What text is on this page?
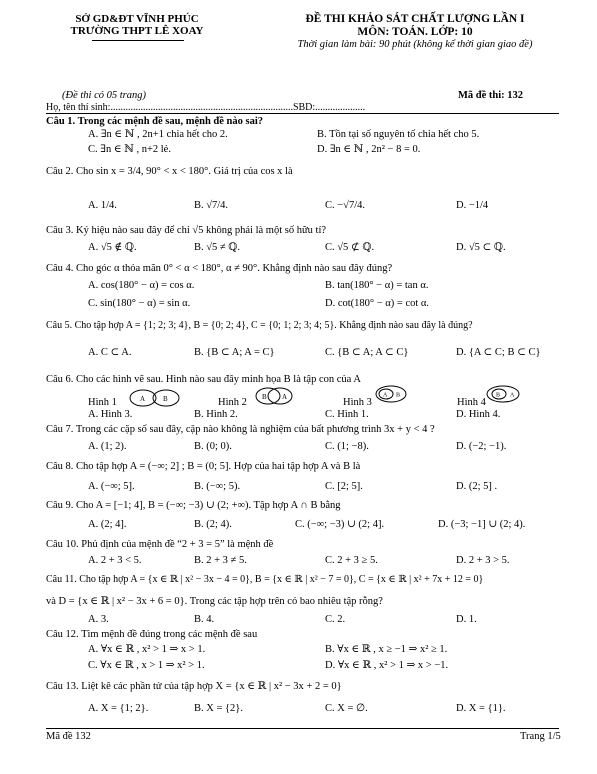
SỞ GD&ĐT VĨNH PHÚC
TRƯỜNG THPT LÊ XOAY
ĐỀ THI KHẢO SÁT CHẤT LƯỢNG LẦN I
MÔN: TOÁN. LỚP: 10
Thời gian làm bài: 90 phút (không kể thời gian giao đề)
(Đề thi có 05 trang)	Mã đề thi: 132
Họ, tên thí sinh:.........................................................................SBD:....................
Câu 1. Trong các mệnh đề sau, mệnh đề nào sai?
A. ∃n ∈ ℕ , 2n+1 chia hết cho 2.	B. Tồn tại số nguyên tố chia hết cho 5.
C. ∃n ∈ ℕ , n+2 lẻ.	D. ∃n ∈ ℕ , 2n² − 8 = 0.
Câu 2. Cho sin x = 3/4, 90° < x < 180°. Giá trị của cos x là
A. 1/4.	B. √7/4.	C. −√7/4.	D. −1/4
Câu 3. Ký hiệu nào sau đây để chỉ √5 không phải là một số hữu tỉ?
A. √5 ∉ ℚ.	B. √5 ≠ ℚ.	C. √5 ⊄ ℚ.	D. √5 ⊂ ℚ.
Câu 4. Cho góc α thỏa mãn 0° < α < 180°, α ≠ 90°. Khẳng định nào sau đây đúng?
A. cos(180° − α) = cos α.	B. tan(180° − α) = tan α.
C. sin(180° − α) = sin α.	D. cot(180° − α) = cot α.
Câu 5. Cho tập hợp A = {1; 2; 3; 4}, B = {0; 2; 4}, C = {0; 1; 2; 3; 4; 5}. Khẳng định nào sau đây là đúng?
A. C ⊂ A.	B. {B ⊂ A; A = C}	C. {B ⊂ A; A ⊂ C}	D. {A ⊂ C; B ⊂ C}
Câu 6. Cho các hình vẽ sau. Hình nào sau đây minh họa B là tập con của A
Hình 1	A	B	Hình 2 B A	Hình 3
A B
Hình 4
B A
A. Hình 3.	B. Hình 2.	C. Hình 1.	D. Hình 4.
Câu 7. Trong các cặp số sau đây, cặp nào không là nghiệm của bất phương trình 3x + y < 4 ?
A. (1; 2).	B. (0; 0).	C. (1; −8).	D. (−2; −1).
Câu 8. Cho tập hợp A = (−∞; 2] ; B = (0; 5]. Hợp của hai tập hợp A và B là
A. (−∞; 5].	B. (−∞; 5).	C. [2; 5].	D. (2; 5] .
Câu 9. Cho A = [−1; 4], B = (−∞; −3) ∪ (2; +∞). Tập hợp A ∩ B bằng
A. (2; 4].	B. (2; 4).	C. (−∞; −3) ∪ (2; 4].	D. (−3; −1] ∪ (2; 4).
Câu 10. Phủ định của mệnh đề “2 + 3 = 5” là mệnh đề
A. 2 + 3 < 5.	B. 2 + 3 ≠ 5.	C. 2 + 3 ≥ 5.	D. 2 + 3 > 5.
Câu 11. Cho tập hợp A = {x ∈ ℝ | x² − 3x − 4 = 0}, B = {x ∈ ℝ | x² − 7 = 0}, C = {x ∈ ℝ | x² + 7x + 12 = 0}
và D = {x ∈ ℝ | x² − 3x + 6 = 0}. Trong các tập hợp trên có bao nhiêu tập rỗng?
A. 3.	B. 4.	C. 2.	D. 1.
Câu 12. Tìm mệnh đề đúng trong các mệnh đề sau
A. ∀x ∈ ℝ , x² > 1 ⇒ x > 1.	B. ∀x ∈ ℝ , x ≥ −1 ⇒ x² ≥ 1.
C. ∀x ∈ ℝ , x > 1 ⇒ x² > 1.	D. ∀x ∈ ℝ , x² > 1 ⇒ x > −1.
Câu 13. Liệt kê các phần tử của tập hợp X = {x ∈ ℝ | x² − 3x + 2 = 0}
A. X = {1; 2}.	B. X = {2}.	C. X = ∅.	D. X = {1}.
Mã đề 132	Trang 1/5
